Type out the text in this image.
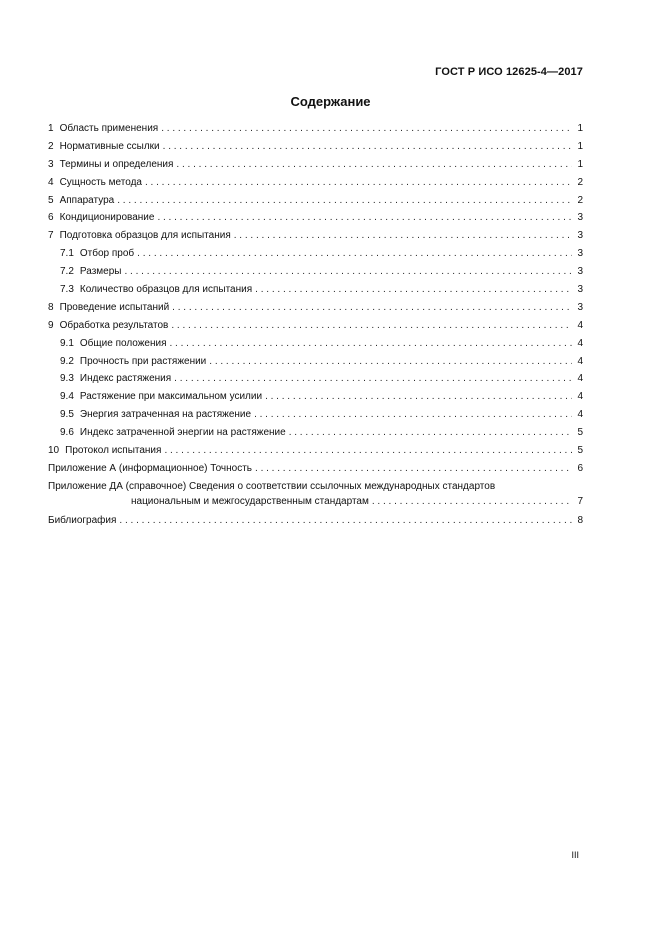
ГОСТ Р ИСО 12625-4—2017
Содержание
1 Область применения . . .	1
2 Нормативные ссылки . . .	1
3 Термины и определения . . .	1
4 Сущность метода . . .	2
5 Аппаратура . . .	2
6 Кондиционирование . . .	3
7 Подготовка образцов для испытания . . .	3
7.1 Отбор проб . . .	3
7.2 Размеры . . .	3
7.3 Количество образцов для испытания . . .	3
8 Проведение испытаний . . .	3
9 Обработка результатов . . .	4
9.1 Общие положения . . .	4
9.2 Прочность при растяжении . . .	4
9.3 Индекс растяжения . . .	4
9.4 Растяжение при максимальном усилии . . .	4
9.5 Энергия затраченная на растяжение . . .	4
9.6 Индекс затраченной энергии на растяжение . . .	5
10 Протокол испытания . . .	5
Приложение А (информационное) Точность . . .	6
Приложение ДА (справочное) Сведения о соответствии ссылочных международных стандартов
национальным и межгосударственным стандартам . . .	7
Библиография . . .	8
III
